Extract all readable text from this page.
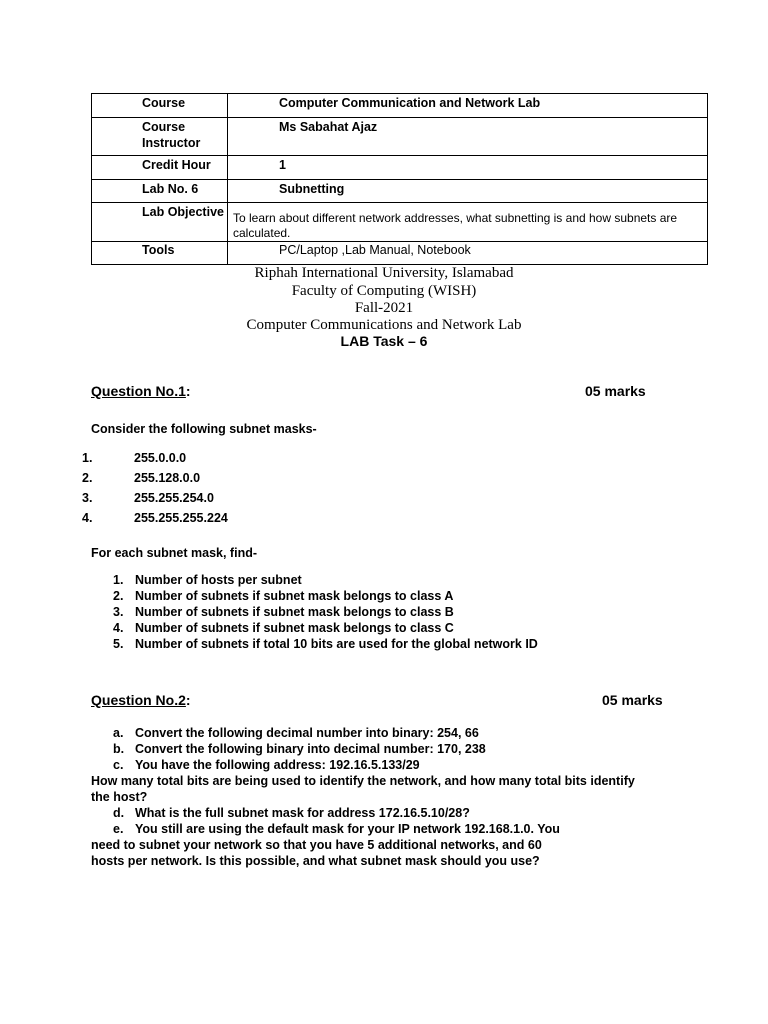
Course	Computer Communication and Network Lab
Course Instructor	Ms Sabahat Ajaz
Credit Hour	1
Lab No. 6	Subnetting
Lab Objective	To learn about different network addresses, what subnetting is and how subnets are calculated.
Tools	PC/Laptop ,Lab Manual, Notebook
Riphah International University, Islamabad
Faculty of Computing (WISH)
Fall-2021
Computer Communications and Network Lab
LAB Task – 6
Question No.1:	05 marks
Consider the following subnet masks-
1.	255.0.0.0
2.	255.128.0.0
3.	255.255.254.0
4.	255.255.255.224
For each subnet mask, find-
1. Number of hosts per subnet
2. Number of subnets if subnet mask belongs to class A
3. Number of subnets if subnet mask belongs to class B
4. Number of subnets if subnet mask belongs to class C
5. Number of subnets if total 10 bits are used for the global network ID
Question No.2:	05 marks
a. Convert the following decimal number into binary: 254, 66
b. Convert the following binary into decimal number: 170, 238
c. You have the following address: 192.16.5.133/29
How many total bits are being used to identify the network, and how many total bits identify
the host?
d. What is the full subnet mask for address 172.16.5.10/28?
e. You still are using the default mask for your IP network 192.168.1.0. You
need to subnet your network so that you have 5 additional networks, and 60
hosts per network. Is this possible, and what subnet mask should you use?
